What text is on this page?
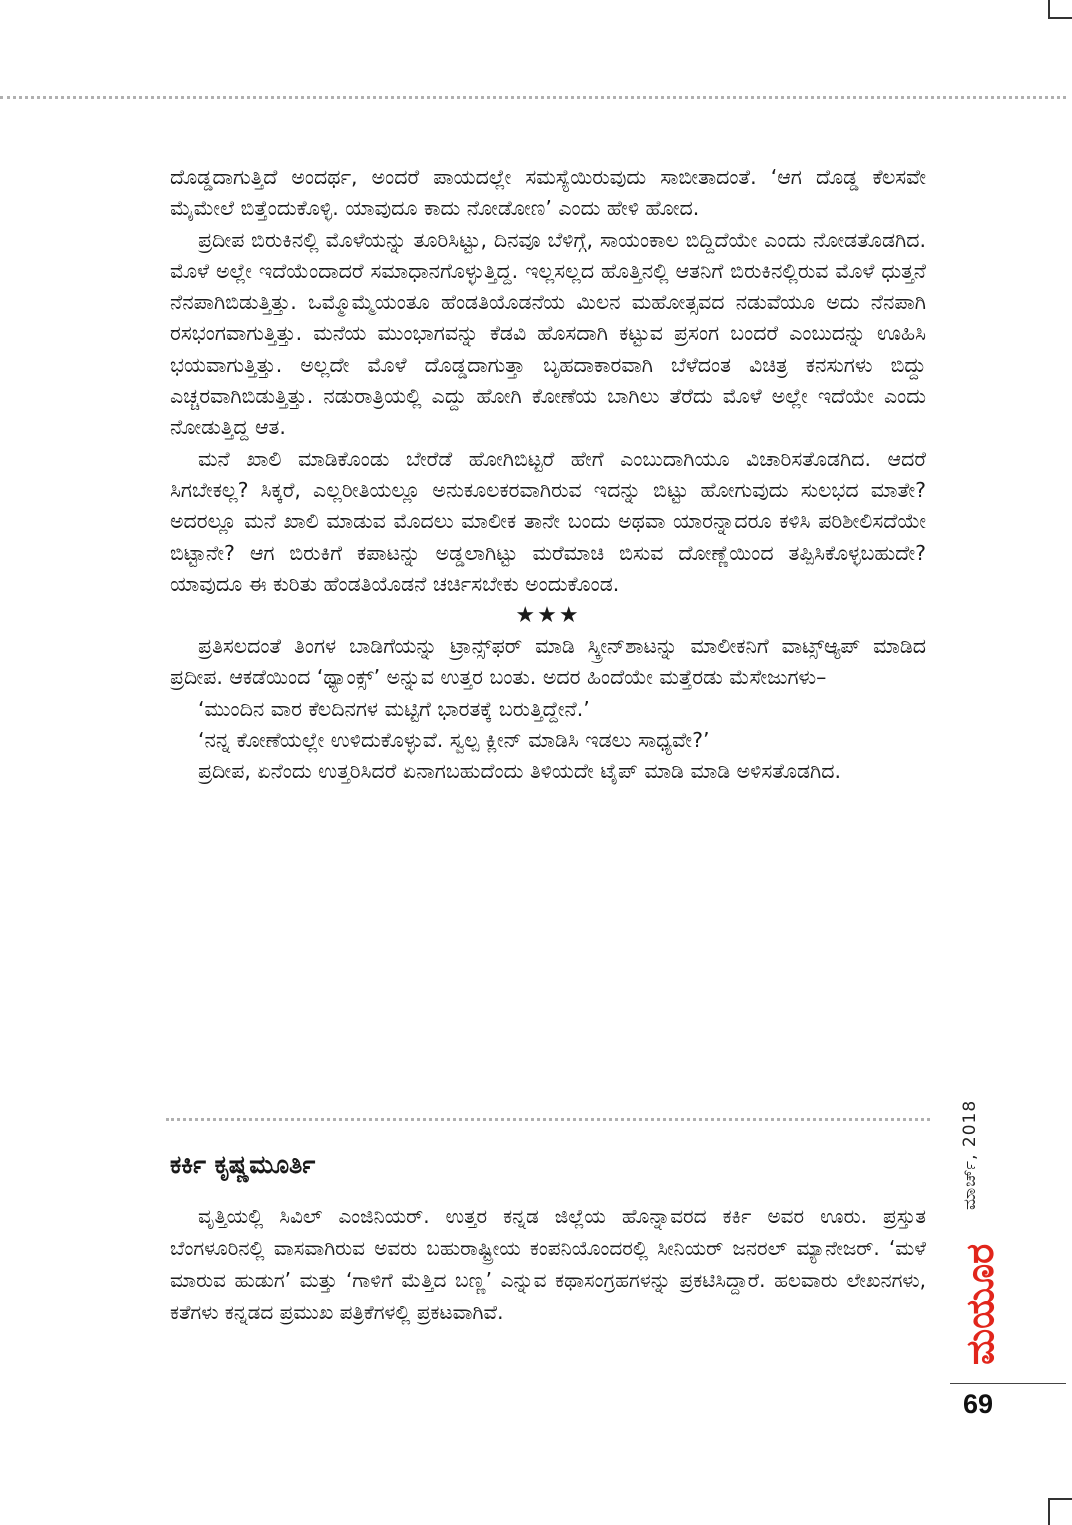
ದೊಡ್ಡದಾಗುತ್ತಿದೆ ಅಂದರ್ಥ, ಅಂದರೆ ಪಾಯದಲ್ಲೇ ಸಮಸ್ಯೆಯಿರುವುದು ಸಾಬೀತಾದಂತೆ. ‘ಆಗ ದೊಡ್ಡ ಕೆಲಸವೇ ಮೈಮೇಲೆ ಬಿತ್ತೆಂದುಕೊಳ್ಳಿ. ಯಾವುದೂ ಕಾದು ನೋಡೋಣ’ ಎಂದು ಹೇಳಿ ಹೋದ.

ಪ್ರದೀಪ ಬಿರುಕಿನಲ್ಲಿ ಮೊಳೆಯನ್ನು ತೂರಿಸಿಟ್ಟು, ದಿನವೂ ಬೆಳಿಗ್ಗೆ, ಸಾಯಂಕಾಲ ಬಿದ್ದಿದೆಯೇ ಎಂದು ನೋಡತೊಡಗಿದ. ಮೊಳೆ ಅಲ್ಲೇ ಇದೆಯೆಂದಾದರೆ ಸಮಾಧಾನಗೊಳ್ಳುತ್ತಿದ್ದ. ಇಲ್ಲಸಲ್ಲದ ಹೊತ್ತಿನಲ್ಲಿ ಆತನಿಗೆ ಬಿರುಕಿನಲ್ಲಿರುವ ಮೊಳೆ ಧುತ್ತನೆ ನೆನಪಾಗಿಬಿಡುತ್ತಿತ್ತು. ಒಮ್ಮೊಮ್ಮೆಯಂತೂ ಹೆಂಡತಿಯೊಡನೆಯ ಮಿಲನ ಮಹೋತ್ಸವದ ನಡುವೆಯೂ ಅದು ನೆನಪಾಗಿ ರಸಭಂಗವಾಗುತ್ತಿತ್ತು. ಮನೆಯ ಮುಂಭಾಗವನ್ನು ಕೆಡವಿ ಹೊಸದಾಗಿ ಕಟ್ಟುವ ಪ್ರಸಂಗ ಬಂದರೆ ಎಂಬುದನ್ನು ಊಹಿಸಿ ಭಯವಾಗುತ್ತಿತ್ತು. ಅಲ್ಲದೇ ಮೊಳೆ ದೊಡ್ಡದಾಗುತ್ತಾ ಬೃಹದಾಕಾರವಾಗಿ ಬೆಳೆದಂತ ವಿಚಿತ್ರ ಕನಸುಗಳು ಬಿದ್ದು ಎಚ್ಚರವಾಗಿಬಿಡುತ್ತಿತ್ತು. ನಡುರಾತ್ರಿಯಲ್ಲಿ ಎದ್ದು ಹೋಗಿ ಕೋಣೆಯ ಬಾಗಿಲು ತೆರೆದು ಮೊಳೆ ಅಲ್ಲೇ ಇದೆಯೇ ಎಂದು ನೋಡುತ್ತಿದ್ದ ಆತ.

ಮನೆ ಖಾಲಿ ಮಾಡಿಕೊಂಡು ಬೇರೆಡೆ ಹೋಗಿಬಿಟ್ಟರೆ ಹೇಗೆ ಎಂಬುದಾಗಿಯೂ ವಿಚಾರಿಸತೊಡಗಿದ. ಆದರೆ ಸಿಗಬೇಕಲ್ಲ? ಸಿಕ್ಕರೆ, ಎಲ್ಲರೀತಿಯಲ್ಲೂ ಅನುಕೂಲಕರವಾಗಿರುವ ಇದನ್ನು ಬಿಟ್ಟು ಹೋಗುವುದು ಸುಲಭದ ಮಾತೇ? ಅದರಲ್ಲೂ ಮನೆ ಖಾಲಿ ಮಾಡುವ ಮೊದಲು ಮಾಲೀಕ ತಾನೇ ಬಂದು ಅಥವಾ ಯಾರನ್ನಾದರೂ ಕಳಿಸಿ ಪರಿಶೀಲಿಸದೆಯೇ ಬಿಟ್ಟಾನೇ? ಆಗ ಬಿರುಕಿಗೆ ಕಪಾಟನ್ನು ಅಡ್ಡಲಾಗಿಟ್ಟು ಮರೆಮಾಚಿ ಬಿಸುವ ದೋಣ್ಣೆಯಿಂದ ತಪ್ಪಿಸಿಕೊಳ್ಳಬಹುದೇ? ಯಾವುದೂ ಈ ಕುರಿತು ಹೆಂಡತಿಯೊಡನೆ ಚರ್ಚಿಸಬೇಕು ಅಂದುಕೊಂಡ.

★★★

ಪ್ರತಿಸಲದಂತೆ ತಿಂಗಳ ಬಾಡಿಗೆಯನ್ನು ಟ್ರಾನ್ಸ್‌ಫರ್ ಮಾಡಿ ಸ್ಕ್ರೀನ್‌ಶಾಟನ್ನು ಮಾಲೀಕನಿಗೆ ವಾಟ್ಸ್‌ಆ್ಯಪ್ ಮಾಡಿದ ಪ್ರದೀಪ. ಆಕಡೆಯಿಂದ ‘ಥ್ಯಾಂಕ್ಸ್’ ಅನ್ನುವ ಉತ್ತರ ಬಂತು. ಅದರ ಹಿಂದೆಯೇ ಮತ್ತೆರಡು ಮೆಸೇಜುಗಳು–

‘ಮುಂದಿನ ವಾರ ಕೆಲದಿನಗಳ ಮಟ್ಟಿಗೆ ಭಾರತಕ್ಕೆ ಬರುತ್ತಿದ್ದೇನೆ.’

‘ನನ್ನ ಕೋಣೆಯಲ್ಲೇ ಉಳಿದುಕೊಳ್ಳುವೆ. ಸ್ವಲ್ಪ ಕ್ಲೀನ್ ಮಾಡಿಸಿ ಇಡಲು ಸಾಧ್ಯವೇ?’

ಪ್ರದೀಪ, ಏನೆಂದು ಉತ್ತರಿಸಿದರೆ ಏನಾಗಬಹುದೆಂದು ತಿಳಿಯದೇ ಟೈಪ್ ಮಾಡಿ ಮಾಡಿ ಅಳಿಸತೊಡಗಿದ.

ಕರ್ಕಿ ಕೃಷ್ಣಮೂರ್ತಿ

ವೃತ್ತಿಯಲ್ಲಿ ಸಿವಿಲ್ ಎಂಜಿನಿಯರ್. ಉತ್ತರ ಕನ್ನಡ ಜಿಲ್ಲೆಯ ಹೊನ್ನಾವರದ ಕರ್ಕಿ ಅವರ ಊರು. ಪ್ರಸ್ತುತ ಬೆಂಗಳೂರಿನಲ್ಲಿ ವಾಸವಾಗಿರುವ ಅವರು ಬಹುರಾಷ್ಟ್ರೀಯ ಕಂಪನಿಯೊಂದರಲ್ಲಿ ಸೀನಿಯರ್ ಜನರಲ್ ಮ್ಯಾನೇಜರ್. ‘ಮಳೆ ಮಾರುವ ಹುಡುಗ’ ಮತ್ತು ‘ಗಾಳಿಗೆ ಮೆತ್ತಿದ ಬಣ್ಣ’ ಎನ್ನುವ ಕಥಾಸಂಗ್ರಹಗಳನ್ನು ಪ್ರಕಟಿಸಿದ್ದಾರೆ. ಹಲವಾರು ಲೇಖನಗಳು, ಕತೆಗಳು ಕನ್ನಡದ ಪ್ರಮುಖ ಪತ್ರಿಕೆಗಳಲ್ಲಿ ಪ್ರಕಟವಾಗಿವೆ.

ಮಾರ್ಚ್, 2018
ಮಯೂರ
69
